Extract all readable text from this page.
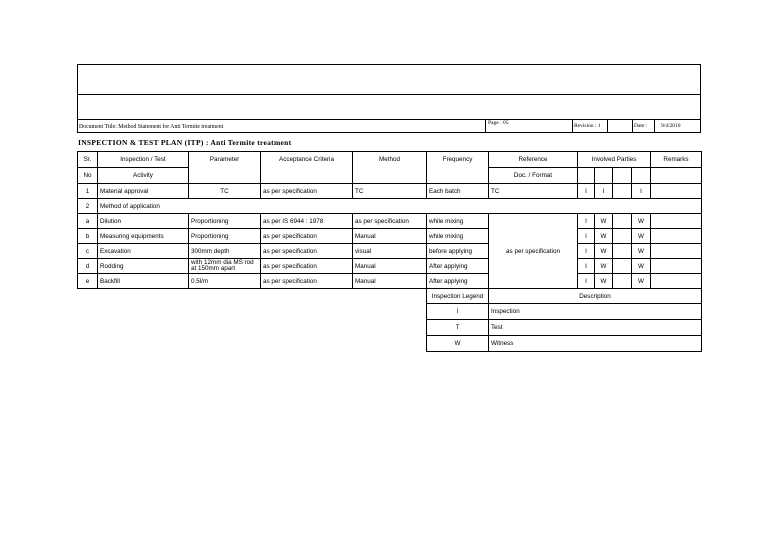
Document Title: Method Statement for Anti Termite treatment
Page : 05	Revision : 1	Date : 9/4/2010
INSPECTION & TEST PLAN (ITP) : Anti Termite treatment
Sr.	Inspection / Test	Parameter	Acceptance Criteria	Method	Frequency	Reference	Involved Parties				Remarks
No	Activity					Doc. / Format					
1	Material approval	TC	as per specification	TC	Each batch	TC	I	I		I	
2	Method of application										
a	Dilution	Proportioning	as per IS 6944 : 1978	as per specification	while mixing	as per specification	I	W		W	
b	Measuring equipments	Proportioning	as per specification	Manual	while mixing		I	W		W	
c	Excavation	300mm depth	as per specification	visual	before applying		I	W		W	
d	Rodding	with 12mm dia MS rod at 150mm apart	as per specification	Manual	After applying		I	W		W	
e	Backfill	0.5l/m	as per specification	Manual	After applying		I	W		W	
					Inspection Legend	Description					
					I	Inspection					
					T	Test					
					W	Witness					
